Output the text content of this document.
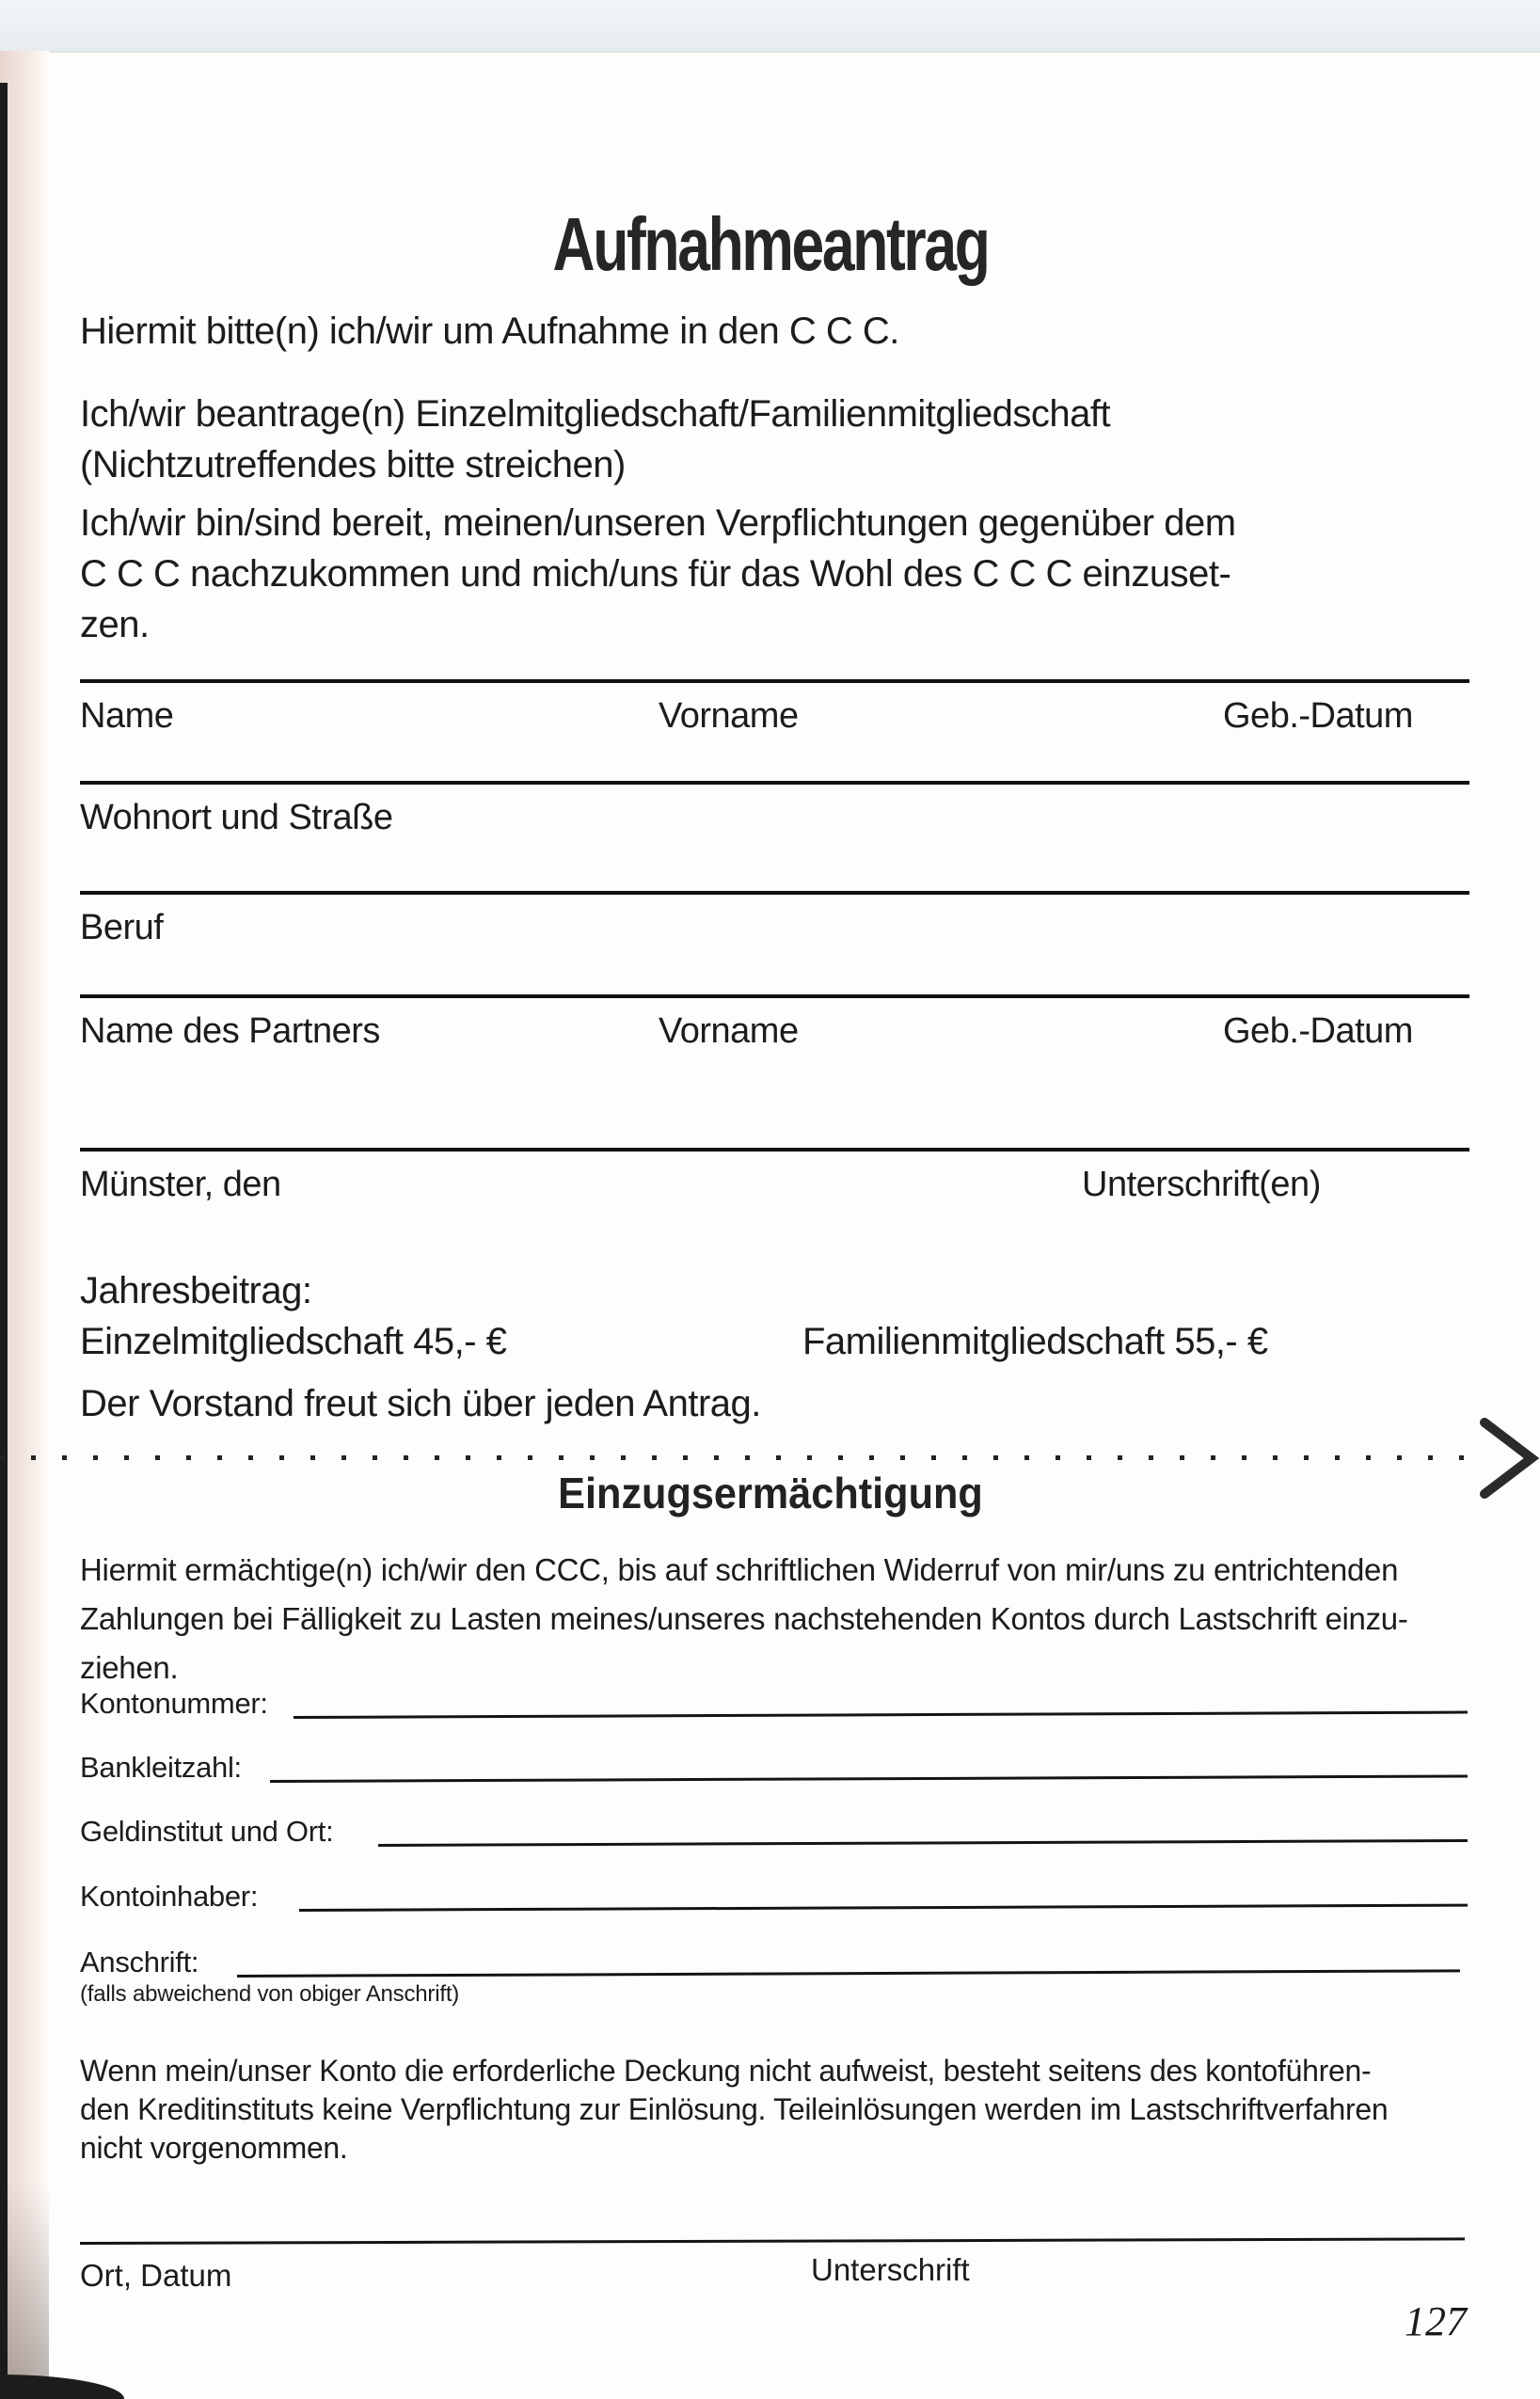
Aufnahmeantrag
Hiermit bitte(n) ich/wir um Aufnahme in den C C C.
Ich/wir beantrage(n) Einzelmitgliedschaft/Familienmitgliedschaft
(Nichtzutreffendes bitte streichen)
Ich/wir bin/sind bereit, meinen/unseren Verpflichtungen gegenüber dem
C C C nachzukommen und mich/uns für das Wohl des C C C einzuset-
zen.
Name	Vorname	Geb.-Datum
Wohnort und Straße
Beruf
Name des Partners	Vorname	Geb.-Datum
Münster, den	Unterschrift(en)
Jahresbeitrag:
Einzelmitgliedschaft 45,- €	Familienmitgliedschaft 55,- €
Der Vorstand freut sich über jeden Antrag.
Einzugsermächtigung
Hiermit ermächtige(n) ich/wir den CCC, bis auf schriftlichen Widerruf von mir/uns zu entrichtenden
Zahlungen bei Fälligkeit zu Lasten meines/unseres nachstehenden Kontos durch Lastschrift einzu-
ziehen.
Kontonummer:
Bankleitzahl:
Geldinstitut und Ort:
Kontoinhaber:
Anschrift:
(falls abweichend von obiger Anschrift)
Wenn mein/unser Konto die erforderliche Deckung nicht aufweist, besteht seitens des kontoführen-
den Kreditinstituts keine Verpflichtung zur Einlösung. Teileinlösungen werden im Lastschriftverfahren
nicht vorgenommen.
Ort, Datum	Unterschrift
127
